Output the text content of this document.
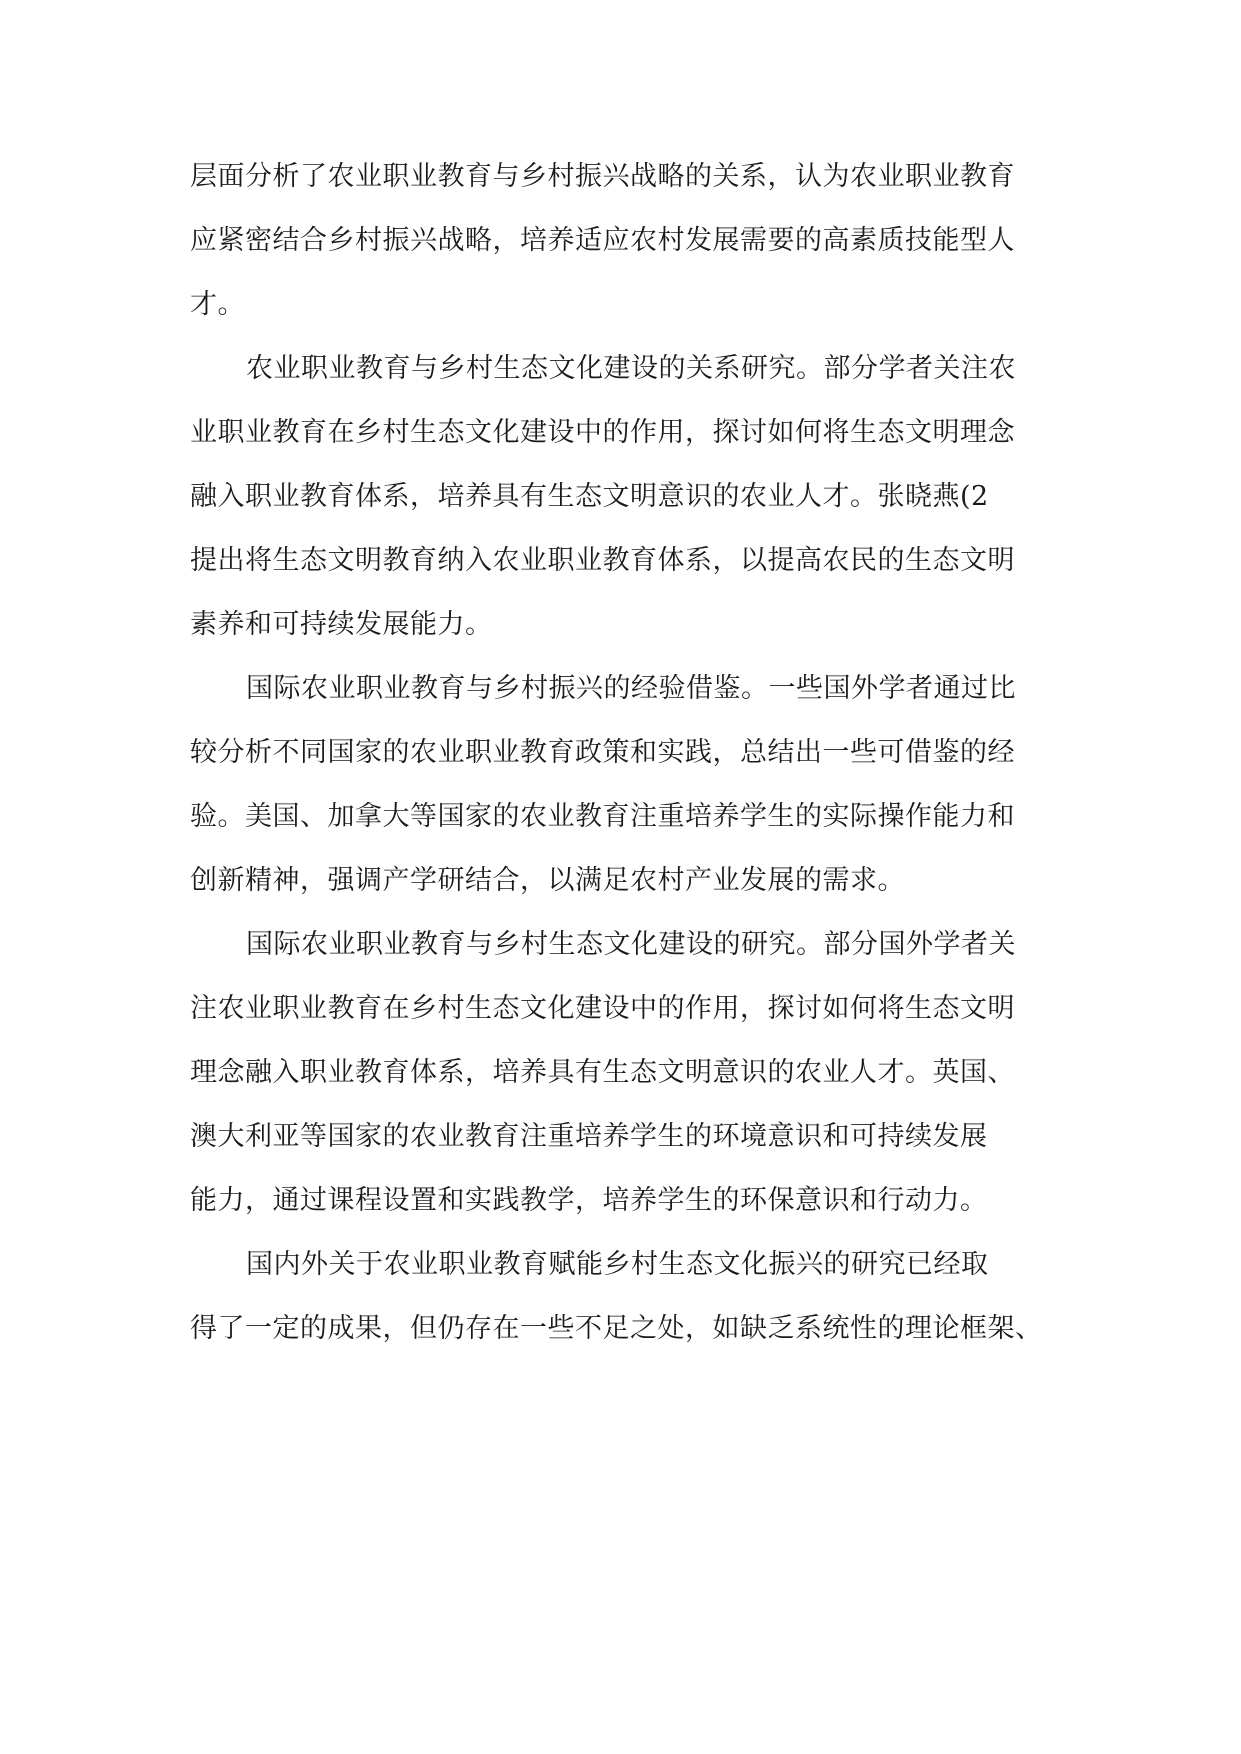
层面分析了农业职业教育与乡村振兴战略的关系，认为农业职业教育
应紧密结合乡村振兴战略，培养适应农村发展需要的高素质技能型人
才。
农业职业教育与乡村生态文化建设的关系研究。部分学者关注农
业职业教育在乡村生态文化建设中的作用，探讨如何将生态文明理念
融入职业教育体系，培养具有生态文明意识的农业人才。张晓燕(2
提出将生态文明教育纳入农业职业教育体系，以提高农民的生态文明
素养和可持续发展能力。
国际农业职业教育与乡村振兴的经验借鉴。一些国外学者通过比
较分析不同国家的农业职业教育政策和实践，总结出一些可借鉴的经
验。美国、加拿大等国家的农业教育注重培养学生的实际操作能力和
创新精神，强调产学研结合，以满足农村产业发展的需求。
国际农业职业教育与乡村生态文化建设的研究。部分国外学者关
注农业职业教育在乡村生态文化建设中的作用，探讨如何将生态文明
理念融入职业教育体系，培养具有生态文明意识的农业人才。英国、
澳大利亚等国家的农业教育注重培养学生的环境意识和可持续发展
能力，通过课程设置和实践教学，培养学生的环保意识和行动力。
国内外关于农业职业教育赋能乡村生态文化振兴的研究已经取
得了一定的成果，但仍存在一些不足之处，如缺乏系统性的理论框架、
